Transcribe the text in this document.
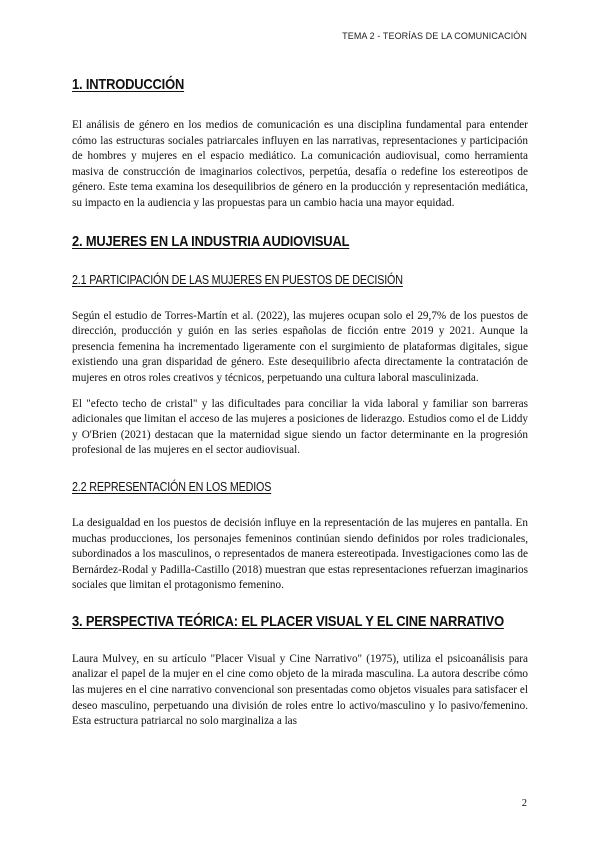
TEMA 2 - TEORÍAS DE LA COMUNICACIÓN
1. INTRODUCCIÓN

El análisis de género en los medios de comunicación es una disciplina fundamental para entender cómo las estructuras sociales patriarcales influyen en las narrativas, representaciones y participación de hombres y mujeres en el espacio mediático. La comunicación audiovisual, como herramienta masiva de construcción de imaginarios colectivos, perpetúa, desafía o redefine los estereotipos de género. Este tema examina los desequilibrios de género en la producción y representación mediática, su impacto en la audiencia y las propuestas para un cambio hacia una mayor equidad.

2. MUJERES EN LA INDUSTRIA AUDIOVISUAL
2.1 PARTICIPACIÓN DE LAS MUJERES EN PUESTOS DE DECISIÓN

Según el estudio de Torres-Martín et al. (2022), las mujeres ocupan solo el 29,7% de los puestos de dirección, producción y guión en las series españolas de ficción entre 2019 y 2021. Aunque la presencia femenina ha incrementado ligeramente con el surgimiento de plataformas digitales, sigue existiendo una gran disparidad de género. Este desequilibrio afecta directamente la contratación de mujeres en otros roles creativos y técnicos, perpetuando una cultura laboral masculinizada.

El "efecto techo de cristal" y las dificultades para conciliar la vida laboral y familiar son barreras adicionales que limitan el acceso de las mujeres a posiciones de liderazgo. Estudios como el de Liddy y O'Brien (2021) destacan que la maternidad sigue siendo un factor determinante en la progresión profesional de las mujeres en el sector audiovisual.

2.2 REPRESENTACIÓN EN LOS MEDIOS

La desigualdad en los puestos de decisión influye en la representación de las mujeres en pantalla. En muchas producciones, los personajes femeninos continúan siendo definidos por roles tradicionales, subordinados a los masculinos, o representados de manera estereotipada. Investigaciones como las de Bernárdez-Rodal y Padilla-Castillo (2018) muestran que estas representaciones refuerzan imaginarios sociales que limitan el protagonismo femenino.

3. PERSPECTIVA TEÓRICA: EL PLACER VISUAL Y EL CINE NARRATIVO

Laura Mulvey, en su artículo "Placer Visual y Cine Narrativo" (1975), utiliza el psicoanálisis para analizar el papel de la mujer en el cine como objeto de la mirada masculina. La autora describe cómo las mujeres en el cine narrativo convencional son presentadas como objetos visuales para satisfacer el deseo masculino, perpetuando una división de roles entre lo activo/masculino y lo pasivo/femenino. Esta estructura patriarcal no solo marginaliza a las

2
